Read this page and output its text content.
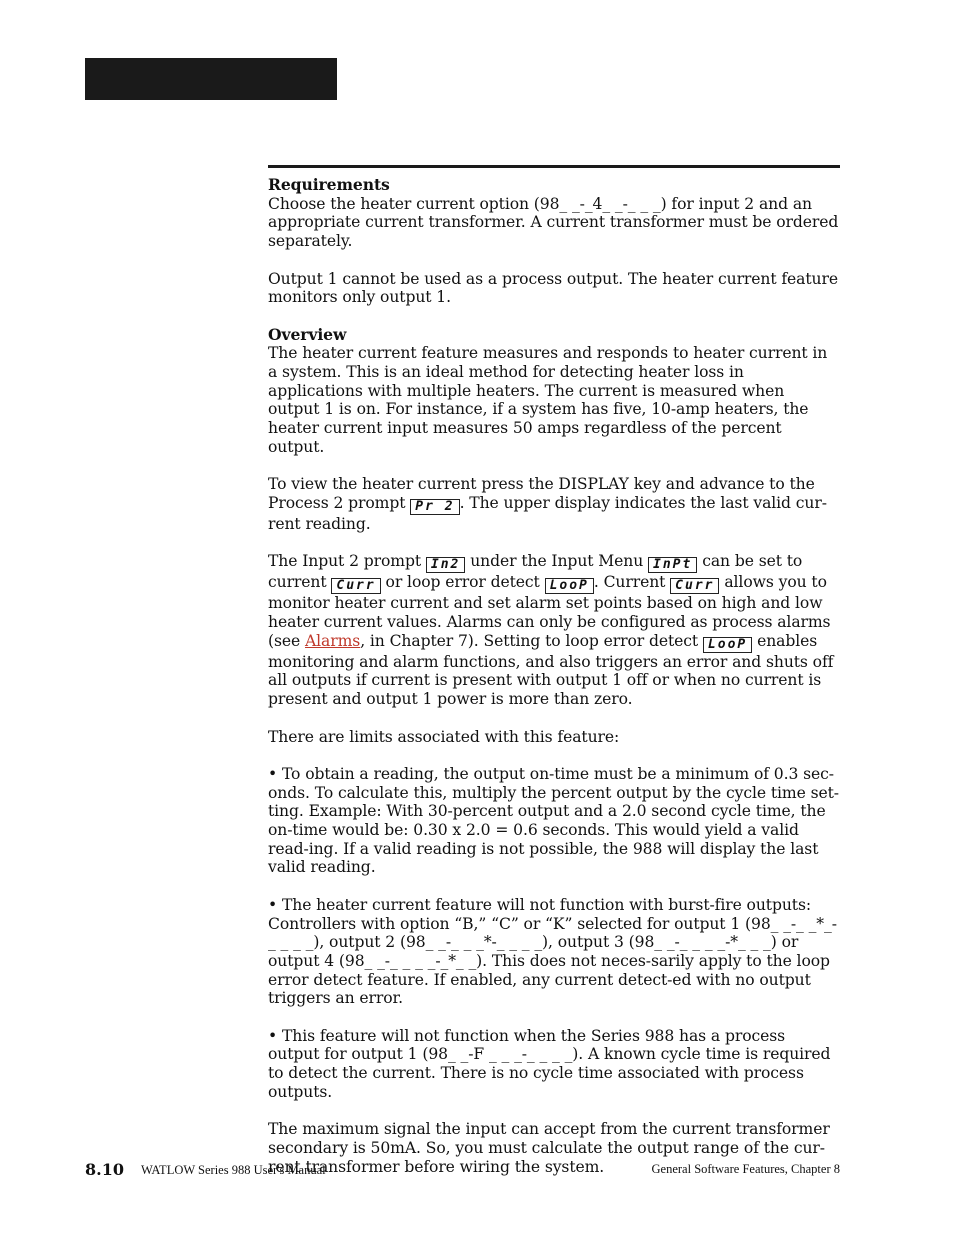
Requirements

Choose the heater current option (98_ _-_4_ _-_ _ _) for input 2 and an appropriate current transformer. A current transformer must be ordered separately.

Output 1 cannot be used as a process output. The heater current feature monitors only output 1.

Overview

The heater current feature measures and responds to heater current in a system. This is an ideal method for detecting heater loss in applications with multiple heaters. The current is measured when output 1 is on. For instance, if a system has five, 10-amp heaters, the heater current input measures 50 amps regardless of the percent output.

To view the heater current press the DISPLAY key and advance to the Process 2 prompt Pr 2 . The upper display indicates the last valid cur-rent reading.

The Input 2 prompt In2 under the Input Menu InPt can be set to current Curr or loop error detect LooP . Current Curr allows you to monitor heater current and set alarm set points based on high and low heater current values. Alarms can only be configured as process alarms (see Alarms, in Chapter 7). Setting to loop error detect LooP enables monitoring and alarm functions, and also triggers an error and shuts off all outputs if current is present with output 1 off or when no current is present and output 1 power is more than zero.

There are limits associated with this feature:

• To obtain a reading, the output on-time must be a minimum of 0.3 sec-onds. To calculate this, multiply the percent output by the cycle time set-ting. Example: With 30-percent output and a 2.0 second cycle time, the on-time would be: 0.30 x 2.0 = 0.6 seconds. This would yield a valid read-ing. If a valid reading is not possible, the 988 will display the last valid reading.

• The heater current feature will not function with burst-fire outputs: Controllers with option “B,” “C” or “K” selected for output 1 (98_ _-_ _*_-_ _ _ _), output 2 (98_ _-_ _ _*-_ _ _ _), output 3 (98_ _-_ _ _ _-*_ _ _) or output 4 (98_ _-_ _ _ _-_*_ _). This does not neces-sarily apply to the loop error detect feature. If enabled, any current detect-ed with no output triggers an error.

• This feature will not function when the Series 988 has a process output for output 1 (98_ _-F _ _ _-_ _ _ _). A known cycle time is required to detect the current. There is no cycle time associated with process outputs.

The maximum signal the input can accept from the current transformer secondary is 50mA. So, you must calculate the output range of the cur-rent transformer before wiring the system.

8.10 WATLOW Series 988 User's Manual	General Software Features, Chapter 8
